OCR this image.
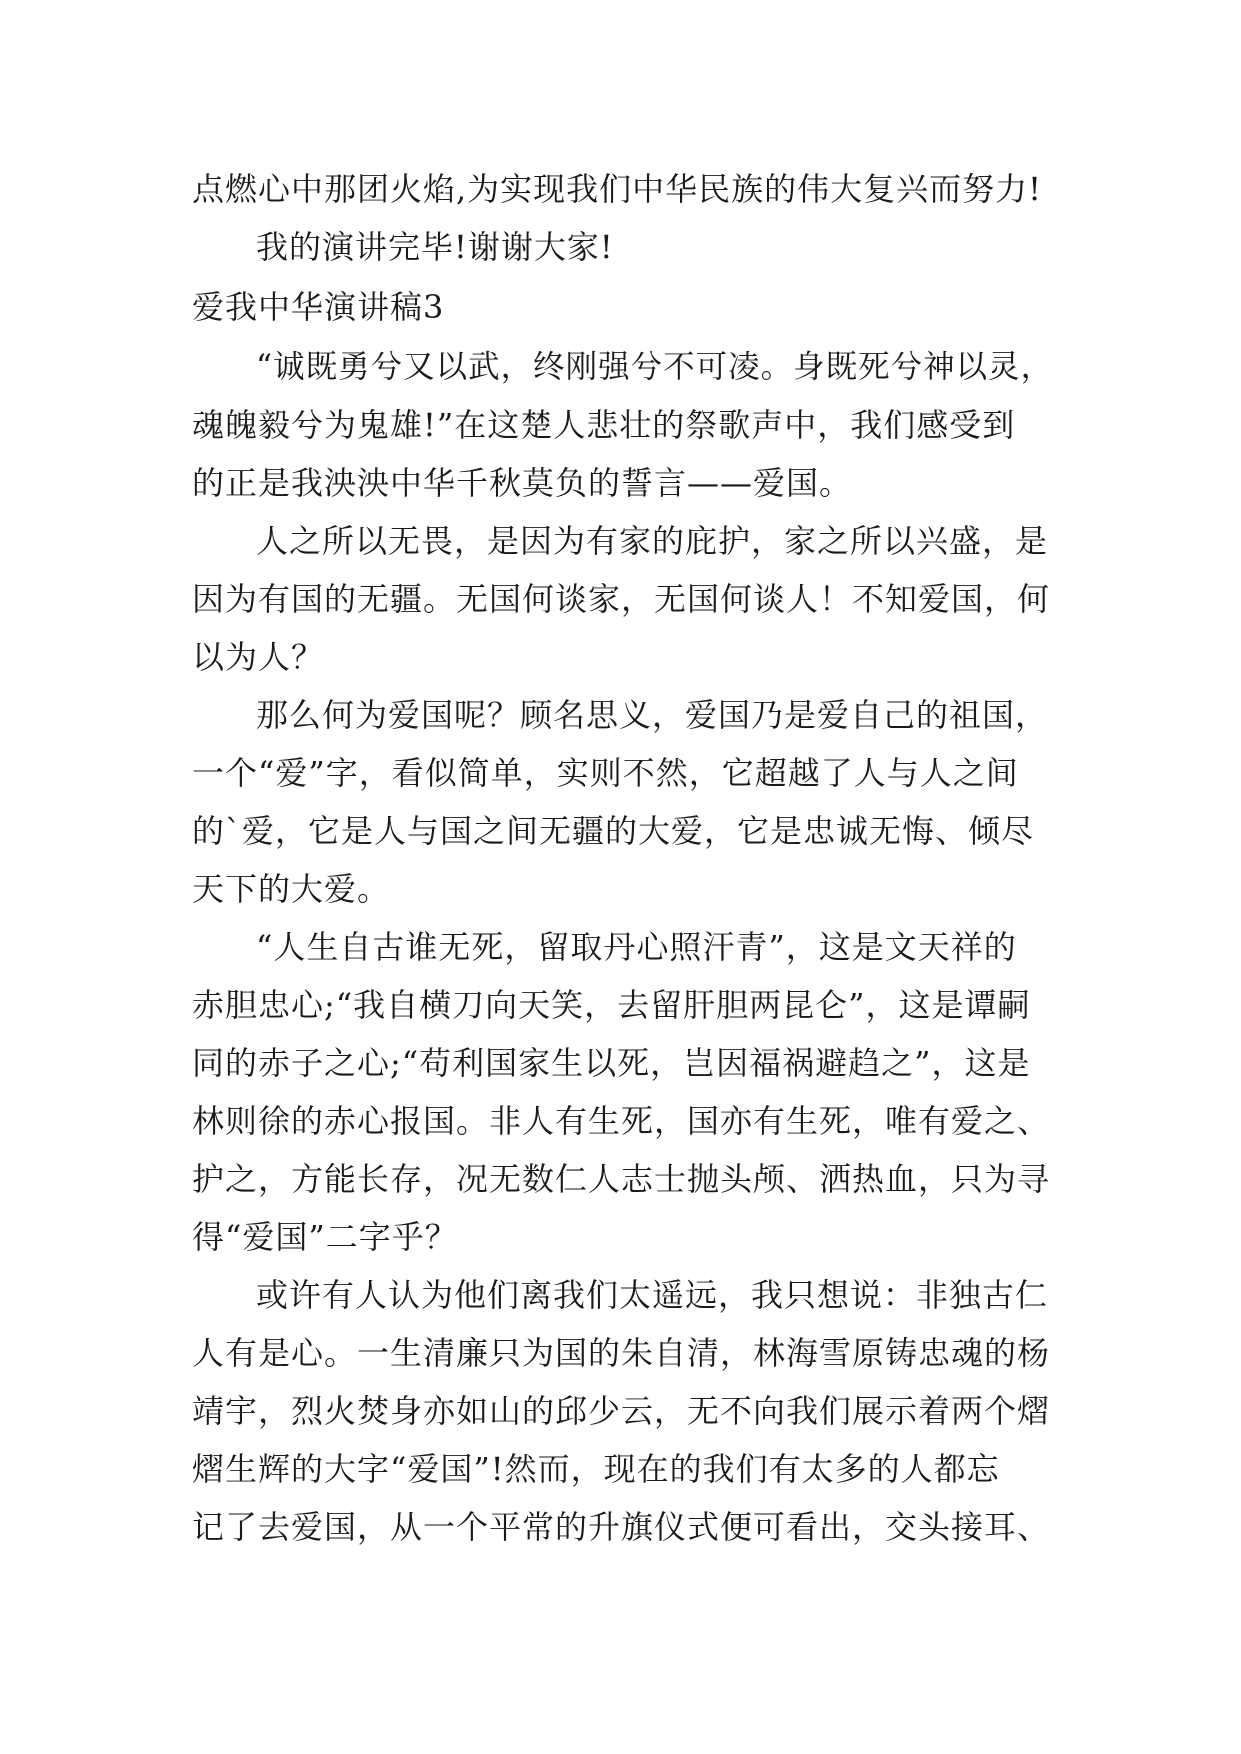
点燃心中那团火焰,为实现我们中华民族的伟大复兴而努力!
我的演讲完毕!谢谢大家!
爱我中华演讲稿3
“诚既勇兮又以武，终刚强兮不可凌。身既死兮神以灵，
魂魄毅兮为鬼雄!”在这楚人悲壮的祭歌声中，我们感受到
的正是我泱泱中华千秋莫负的誓言——爱国。
人之所以无畏，是因为有家的庇护，家之所以兴盛，是
因为有国的无疆。无国何谈家，无国何谈人！不知爱国，何
以为人？
那么何为爱国呢？顾名思义，爱国乃是爱自己的祖国，
一个“爱”字，看似简单，实则不然，它超越了人与人之间
的`爱，它是人与国之间无疆的大爱，它是忠诚无悔、倾尽
天下的大爱。
“人生自古谁无死，留取丹心照汗青”，这是文天祥的
赤胆忠心;“我自横刀向天笑，去留肝胆两昆仑”，这是谭嗣
同的赤子之心;“苟利国家生以死，岂因福祸避趋之”，这是
林则徐的赤心报国。非人有生死，国亦有生死，唯有爱之、
护之，方能长存，况无数仁人志士抛头颅、洒热血，只为寻
得“爱国”二字乎？
或许有人认为他们离我们太遥远，我只想说：非独古仁
人有是心。一生清廉只为国的朱自清，林海雪原铸忠魂的杨
靖宇，烈火焚身亦如山的邱少云，无不向我们展示着两个熠
熠生辉的大字“爱国”!然而，现在的我们有太多的人都忘
记了去爱国，从一个平常的升旗仪式便可看出，交头接耳、
